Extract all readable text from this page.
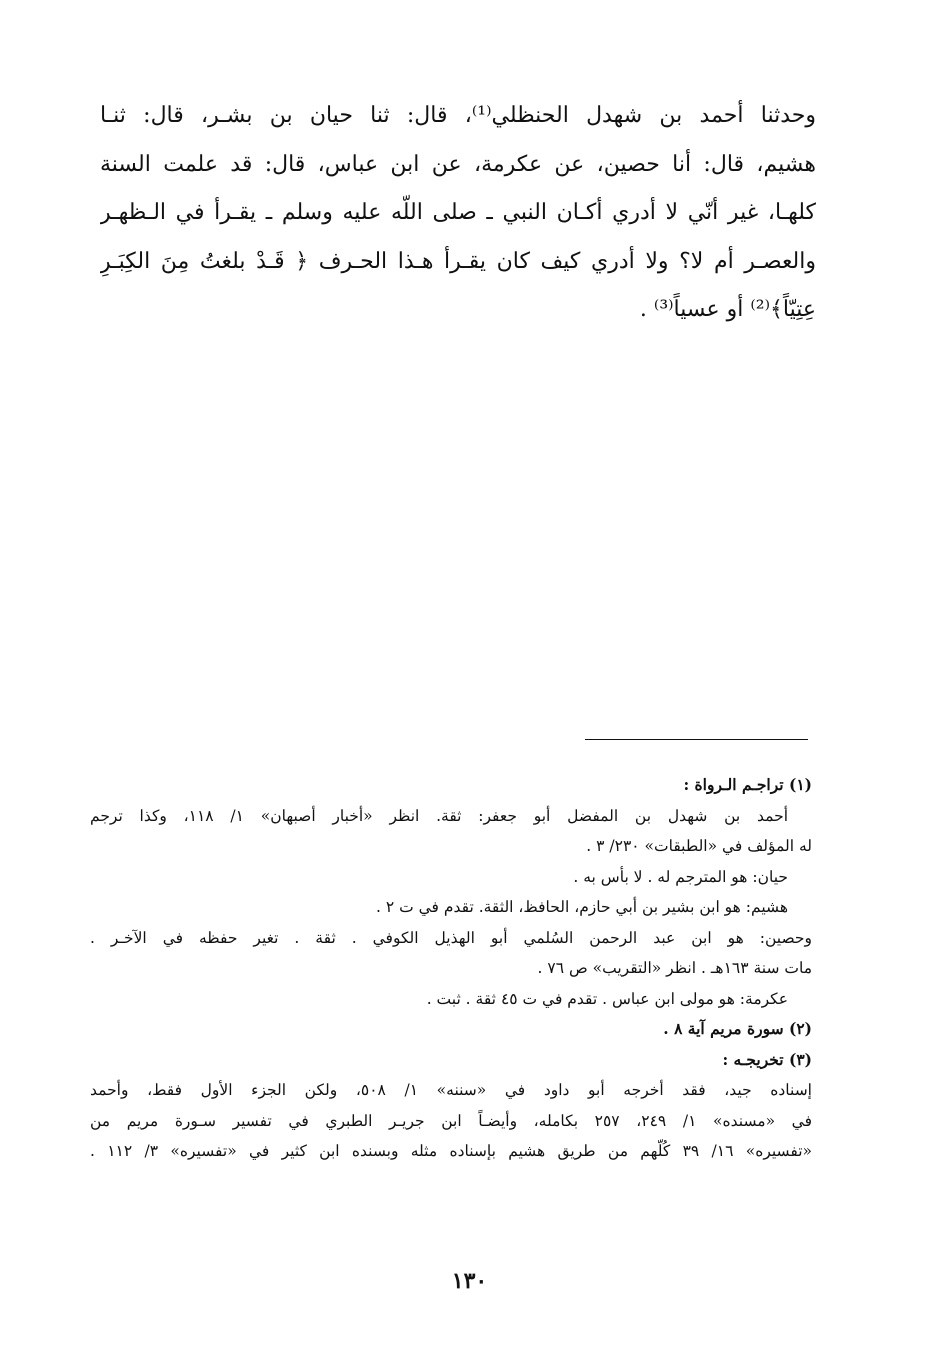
وحدثنا أحمد بن شهدل الحنظلي⁽¹⁾، قال: ثنا حيان بن بشـر، قال: ثنـا
هشيم، قال: أنا حصين، عن عكرمة، عن ابن عباس، قال: قد علمت السنة
كلهـا، غير أنّي لا أدري أكـان النبي ـ صلى اللّه عليه وسلم ـ يقـرأ في الـظهـر
والعصـر أم لا؟ ولا أدري كيف كان يقـرأ هـذا الحـرف ﴿ قَـدْ بلغتُ مِنَ الكِبَـرِ
عِتِيّاً﴾⁽²⁾ أو عسياً⁽³⁾ .
(١) تراجـم الـرواة :
أحمد بن شهدل بن المفضل أبو جعفر: ثقة. انظر «أخبار أصبهان» ١/ ١١٨، وكذا ترجم
له المؤلف في «الطبقات» ٢٣٠/ ٣ .
حيان: هو المترجم له . لا بأس به .
هشيم: هو ابن بشير بن أبي حازم، الحافظ، الثقة. تقدم في ت ٢ .
وحصين: هو ابن عبد الرحمن السُلمي أبو الهذيل الكوفي . ثقة . تغير حفظه في الآخـر .
مات سنة ١٦٣هـ . انظر «التقريب» ص ٧٦ .
عكرمة: هو مولى ابن عباس . تقدم في ت ٤٥ ثقة . ثبت .
(٢) سورة مريم آية ٨ .
(٣) تخريجـه :
إسناده جيد، فقد أخرجه أبو داود في «سننه» ١/ ٥٠٨، ولكن الجزء الأول فقط، وأحمد
في «مسنده» ١/ ٢٤٩، ٢٥٧ بكامله، وأيضـاً ابن جريـر الطبري في تفسير سـورة مريم من
«تفسيره» ١٦/ ٣٩ كُلّهم من طريق هشيم بإسناده مثله وبسنده ابن كثير في «تفسيره» ٣/ ١١٢ .
١٣٠
